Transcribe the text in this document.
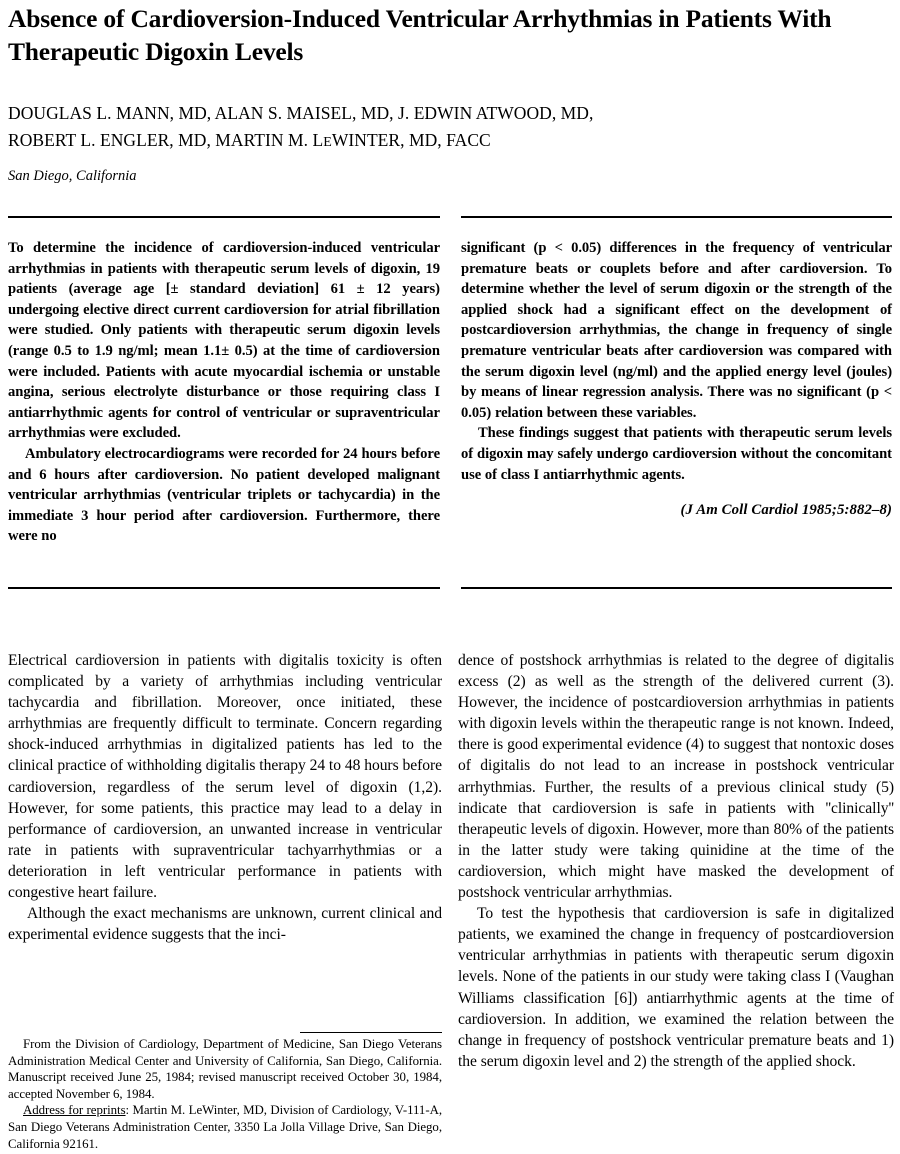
Absence of Cardioversion-Induced Ventricular Arrhythmias in Patients With Therapeutic Digoxin Levels
DOUGLAS L. MANN, MD, ALAN S. MAISEL, MD, J. EDWIN ATWOOD, MD,
ROBERT L. ENGLER, MD, MARTIN M. LEWINTER, MD, FACC
San Diego, California

To determine the incidence of cardioversion-induced ventricular arrhythmias in patients with therapeutic serum levels of digoxin, 19 patients (average age [± standard deviation] 61 ± 12 years) undergoing elective direct current cardioversion for atrial fibrillation were studied. Only patients with therapeutic serum digoxin levels (range 0.5 to 1.9 ng/ml; mean 1.1± 0.5) at the time of cardioversion were included. Patients with acute myocardial ischemia or unstable angina, serious electrolyte disturbance or those requiring class I antiarrhythmic agents for control of ventricular or supraventricular arrhythmias were excluded.

Ambulatory electrocardiograms were recorded for 24 hours before and 6 hours after cardioversion. No patient developed malignant ventricular arrhythmias (ventricular triplets or tachycardia) in the immediate 3 hour period after cardioversion. Furthermore, there were no

significant (p < 0.05) differences in the frequency of ventricular premature beats or couplets before and after cardioversion. To determine whether the level of serum digoxin or the strength of the applied shock had a significant effect on the development of postcardioversion arrhythmias, the change in frequency of single premature ventricular beats after cardioversion was compared with the serum digoxin level (ng/ml) and the applied energy level (joules) by means of linear regression analysis. There was no significant (p < 0.05) relation between these variables.

These findings suggest that patients with therapeutic serum levels of digoxin may safely undergo cardioversion without the concomitant use of class I antiarrhythmic agents.

(J Am Coll Cardiol 1985;5:882–8)

Electrical cardioversion in patients with digitalis toxicity is often complicated by a variety of arrhythmias including ventricular tachycardia and fibrillation. Moreover, once initiated, these arrhythmias are frequently difficult to terminate. Concern regarding shock-induced arrhythmias in digitalized patients has led to the clinical practice of withholding digitalis therapy 24 to 48 hours before cardioversion, regardless of the serum level of digoxin (1,2). However, for some patients, this practice may lead to a delay in performance of cardioversion, an unwanted increase in ventricular rate in patients with supraventricular tachyarrhythmias or a deterioration in left ventricular performance in patients with congestive heart failure.

Although the exact mechanisms are unknown, current clinical and experimental evidence suggests that the inci-

dence of postshock arrhythmias is related to the degree of digitalis excess (2) as well as the strength of the delivered current (3). However, the incidence of postcardioversion arrhythmias in patients with digoxin levels within the therapeutic range is not known. Indeed, there is good experimental evidence (4) to suggest that nontoxic doses of digitalis do not lead to an increase in postshock ventricular arrhythmias. Further, the results of a previous clinical study (5) indicate that cardioversion is safe in patients with ''clinically'' therapeutic levels of digoxin. However, more than 80% of the patients in the latter study were taking quinidine at the time of the cardioversion, which might have masked the development of postshock ventricular arrhythmias.

To test the hypothesis that cardioversion is safe in digitalized patients, we examined the change in frequency of postcardioversion ventricular arrhythmias in patients with therapeutic serum digoxin levels. None of the patients in our study were taking class I (Vaughan Williams classification [6]) antiarrhythmic agents at the time of cardioversion. In addition, we examined the relation between the change in frequency of postshock ventricular premature beats and 1) the serum digoxin level and 2) the strength of the applied shock.

From the Division of Cardiology, Department of Medicine, San Diego Veterans Administration Medical Center and University of California, San Diego, California. Manuscript received June 25, 1984; revised manuscript received October 30, 1984, accepted November 6, 1984.

Address for reprints: Martin M. LeWinter, MD, Division of Cardiology, V-111-A, San Diego Veterans Administration Center, 3350 La Jolla Village Drive, San Diego, California 92161.
